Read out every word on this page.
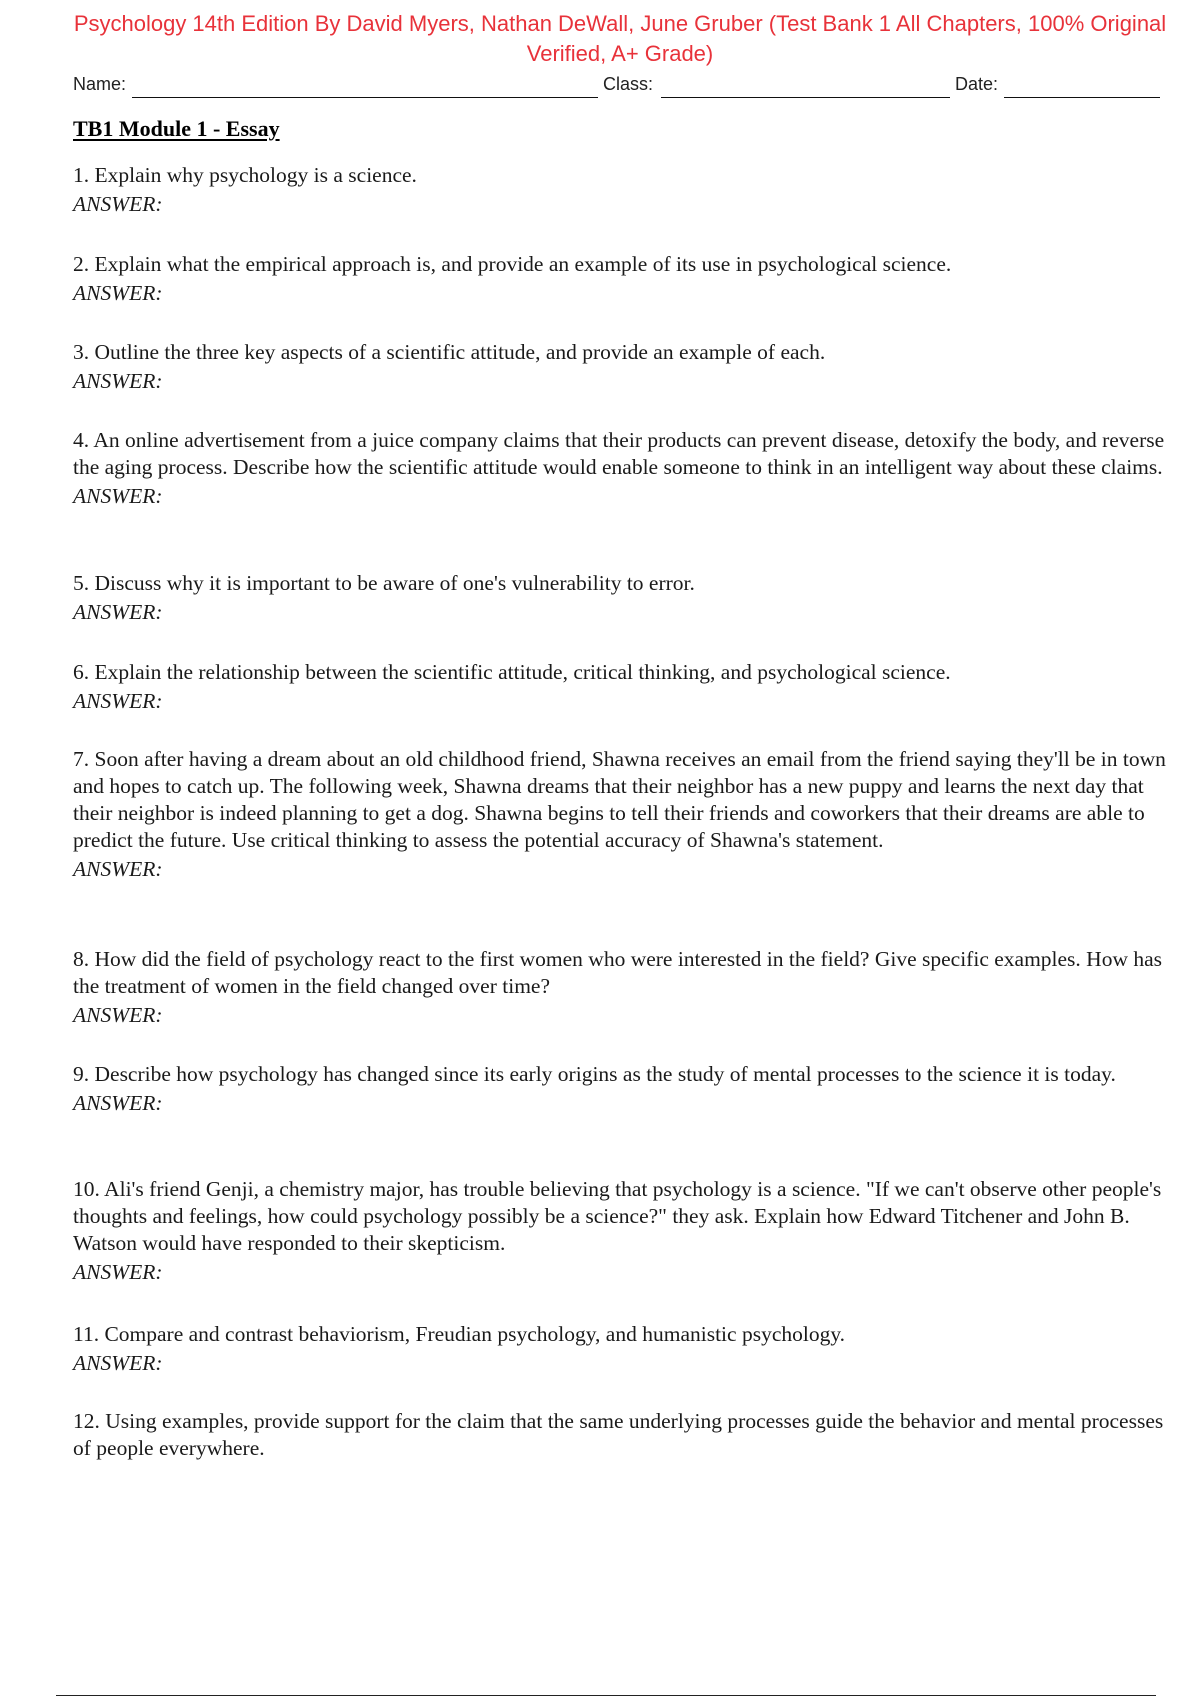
Psychology 14th Edition By David Myers, Nathan DeWall, June Gruber (Test Bank 1 All Chapters, 100% Original Verified, A+ Grade)
Name:	Class:	Date:
TB1 Module 1 - Essay
1. Explain why psychology is a science.
ANSWER:
2. Explain what the empirical approach is, and provide an example of its use in psychological science.
ANSWER:
3. Outline the three key aspects of a scientific attitude, and provide an example of each.
ANSWER:
4. An online advertisement from a juice company claims that their products can prevent disease, detoxify the body, and reverse the aging process. Describe how the scientific attitude would enable someone to think in an intelligent way about these claims.
ANSWER:
5. Discuss why it is important to be aware of one's vulnerability to error.
ANSWER:
6. Explain the relationship between the scientific attitude, critical thinking, and psychological science.
ANSWER:
7. Soon after having a dream about an old childhood friend, Shawna receives an email from the friend saying they'll be in town and hopes to catch up. The following week, Shawna dreams that their neighbor has a new puppy and learns the next day that their neighbor is indeed planning to get a dog. Shawna begins to tell their friends and coworkers that their dreams are able to predict the future. Use critical thinking to assess the potential accuracy of Shawna's statement.
ANSWER:
8. How did the field of psychology react to the first women who were interested in the field? Give specific examples. How has the treatment of women in the field changed over time?
ANSWER:
9. Describe how psychology has changed since its early origins as the study of mental processes to the science it is today.
ANSWER:
10. Ali's friend Genji, a chemistry major, has trouble believing that psychology is a science. "If we can't observe other people's thoughts and feelings, how could psychology possibly be a science?" they ask. Explain how Edward Titchener and John B. Watson would have responded to their skepticism.
ANSWER:
11. Compare and contrast behaviorism, Freudian psychology, and humanistic psychology.
ANSWER:
12. Using examples, provide support for the claim that the same underlying processes guide the behavior and mental processes of people everywhere.
